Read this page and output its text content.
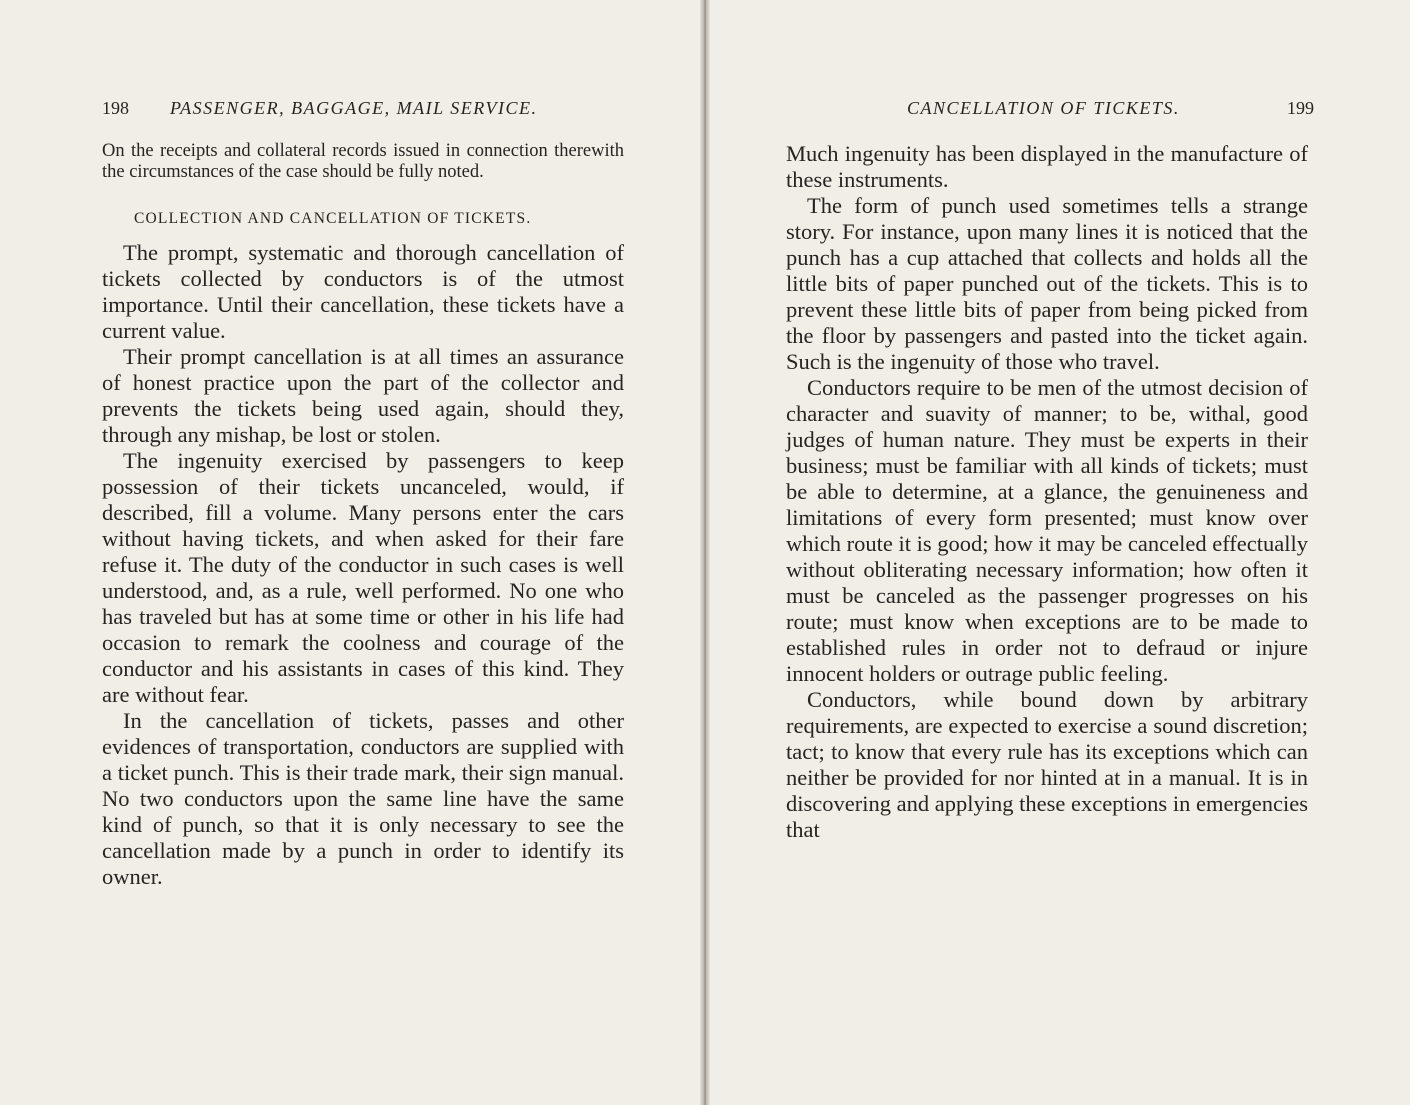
198 PASSENGER, BAGGAGE, MAIL SERVICE.

On the receipts and collateral records issued in connection therewith the circumstances of the case should be fully noted.

COLLECTION AND CANCELLATION OF TICKETS.

The prompt, systematic and thorough cancellation of tickets collected by conductors is of the utmost importance. Until their cancellation, these tickets have a current value.

Their prompt cancellation is at all times an assurance of honest practice upon the part of the collector and prevents the tickets being used again, should they, through any mishap, be lost or stolen.

The ingenuity exercised by passengers to keep possession of their tickets uncanceled, would, if described, fill a volume. Many persons enter the cars without having tickets, and when asked for their fare refuse it. The duty of the conductor in such cases is well understood, and, as a rule, well performed. No one who has traveled but has at some time or other in his life had occasion to remark the coolness and courage of the conductor and his assistants in cases of this kind. They are without fear.

In the cancellation of tickets, passes and other evidences of transportation, conductors are supplied with a ticket punch. This is their trade mark, their sign manual. No two conductors upon the same line have the same kind of punch, so that it is only necessary to see the cancellation made by a punch in order to identify its owner.

CANCELLATION OF TICKETS.	199

Much ingenuity has been displayed in the manufacture of these instruments.

The form of punch used sometimes tells a strange story. For instance, upon many lines it is noticed that the punch has a cup attached that collects and holds all the little bits of paper punched out of the tickets. This is to prevent these little bits of paper from being picked from the floor by passengers and pasted into the ticket again. Such is the ingenuity of those who travel.

Conductors require to be men of the utmost decision of character and suavity of manner; to be, withal, good judges of human nature. They must be experts in their business; must be familiar with all kinds of tickets; must be able to determine, at a glance, the genuineness and limitations of every form presented; must know over which route it is good; how it may be canceled effectually without obliterating necessary information; how often it must be canceled as the passenger progresses on his route; must know when exceptions are to be made to established rules in order not to defraud or injure innocent holders or outrage public feeling.

Conductors, while bound down by arbitrary requirements, are expected to exercise a sound discretion; tact; to know that every rule has its exceptions which can neither be provided for nor hinted at in a manual. It is in discovering and applying these exceptions in emergencies that
